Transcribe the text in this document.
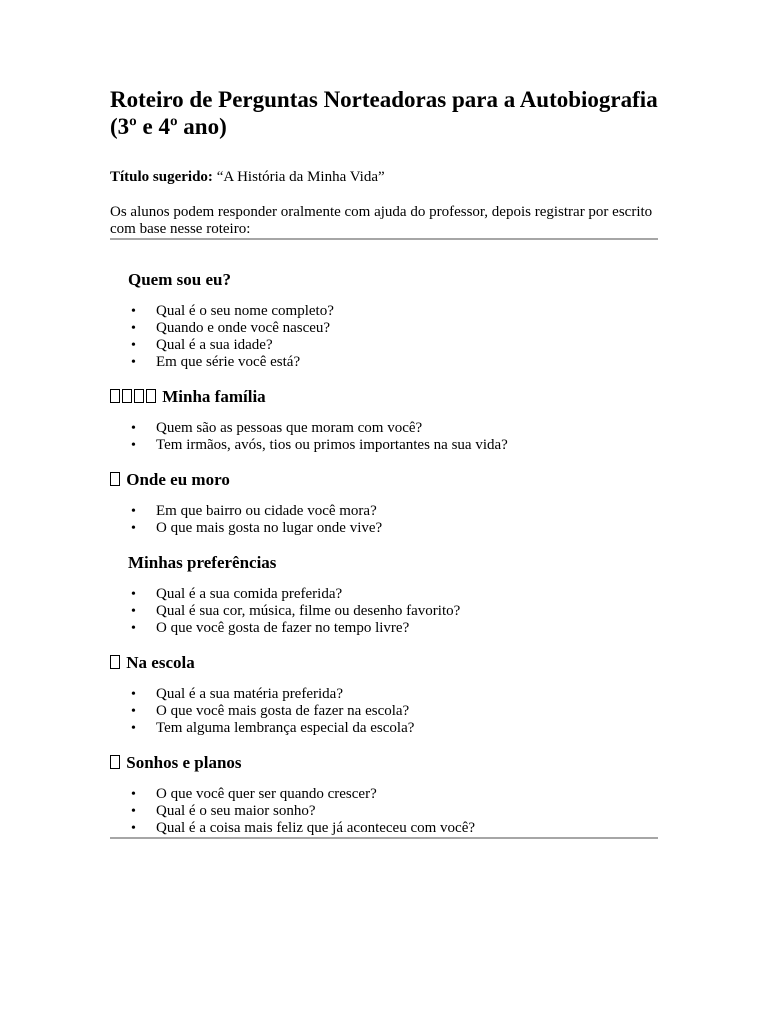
Roteiro de Perguntas Norteadoras para a Autobiografia (3º e 4º ano)

Título sugerido: “A História da Minha Vida”

Os alunos podem responder oralmente com ajuda do professor, depois registrar por escrito com base nesse roteiro:

Quem sou eu?
• Qual é o seu nome completo?
• Quando e onde você nasceu?
• Qual é a sua idade?
• Em que série você está?
Minha família
• Quem são as pessoas que moram com você?
• Tem irmãos, avós, tios ou primos importantes na sua vida?
Onde eu moro
• Em que bairro ou cidade você mora?
• O que mais gosta no lugar onde vive?
Minhas preferências
• Qual é a sua comida preferida?
• Qual é sua cor, música, filme ou desenho favorito?
• O que você gosta de fazer no tempo livre?
Na escola
• Qual é a sua matéria preferida?
• O que você mais gosta de fazer na escola?
• Tem alguma lembrança especial da escola?
Sonhos e planos
• O que você quer ser quando crescer?
• Qual é o seu maior sonho?
• Qual é a coisa mais feliz que já aconteceu com você?
